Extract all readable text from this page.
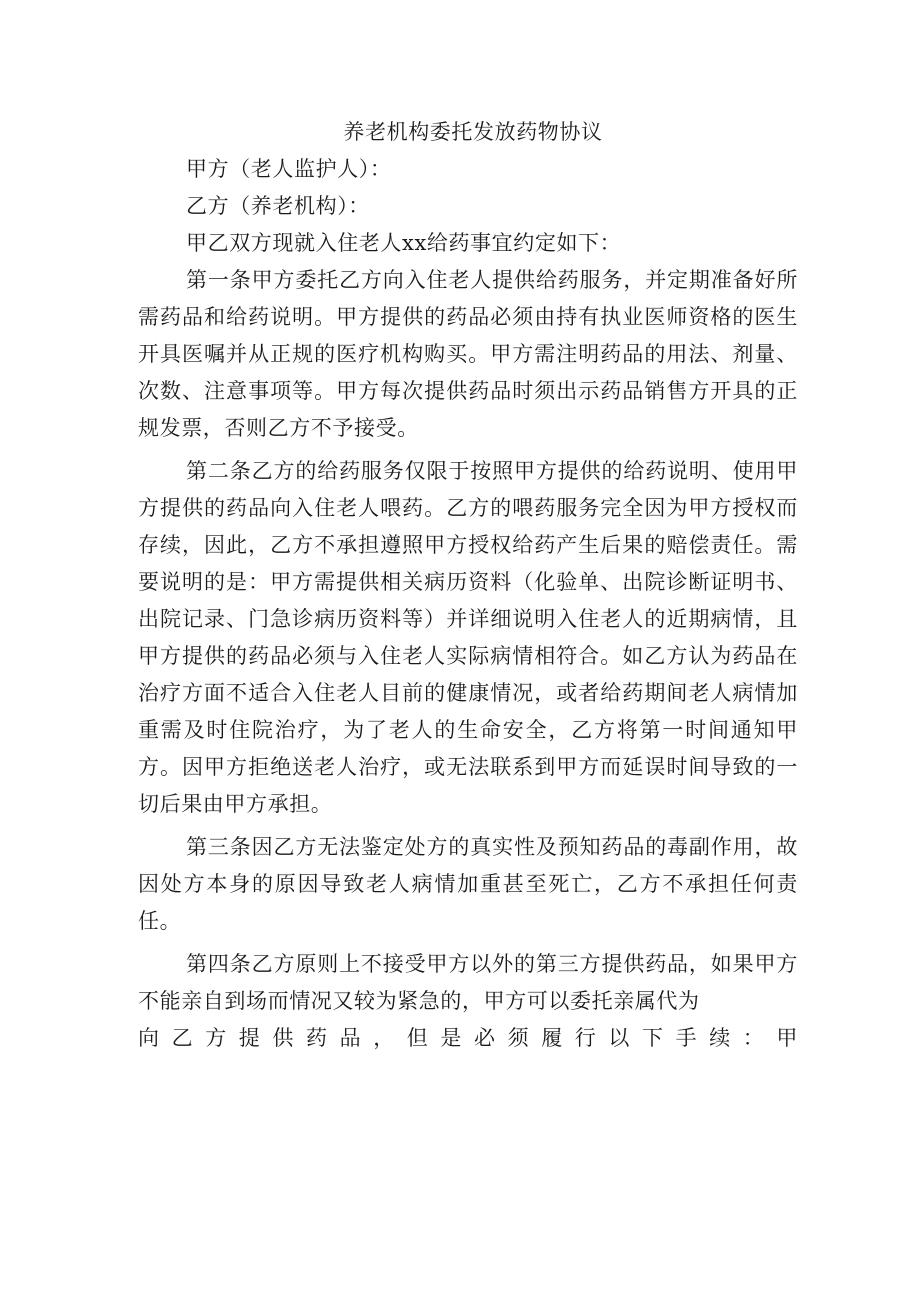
养老机构委托发放药物协议

甲方（老人监护人）：

乙方（养老机构）：

甲乙双方现就入住老人xx给药事宜约定如下：

第一条甲方委托乙方向入住老人提供给药服务，并定期准备好所需药品和给药说明。甲方提供的药品必须由持有执业医师资格的医生开具医嘱并从正规的医疗机构购买。甲方需注明药品的用法、剂量、次数、注意事项等。甲方每次提供药品时须出示药品销售方开具的正规发票，否则乙方不予接受。

第二条乙方的给药服务仅限于按照甲方提供的给药说明、使用甲方提供的药品向入住老人喂药。乙方的喂药服务完全因为甲方授权而存续，因此，乙方不承担遵照甲方授权给药产生后果的赔偿责任。需要说明的是：甲方需提供相关病历资料（化验单、出院诊断证明书、出院记录、门急诊病历资料等）并详细说明入住老人的近期病情，且甲方提供的药品必须与入住老人实际病情相符合。如乙方认为药品在治疗方面不适合入住老人目前的健康情况，或者给药期间老人病情加重需及时住院治疗，为了老人的生命安全，乙方将第一时间通知甲方。因甲方拒绝送老人治疗，或无法联系到甲方而延误时间导致的一切后果由甲方承担。

第三条因乙方无法鉴定处方的真实性及预知药品的毒副作用，故因处方本身的原因导致老人病情加重甚至死亡，乙方不承担任何责任。

第四条乙方原则上不接受甲方以外的第三方提供药品，如果甲方不能亲自到场而情况又较为紧急的，甲方可以委托亲属代为

向乙方提供药品，但是必须履行以下手续：甲
